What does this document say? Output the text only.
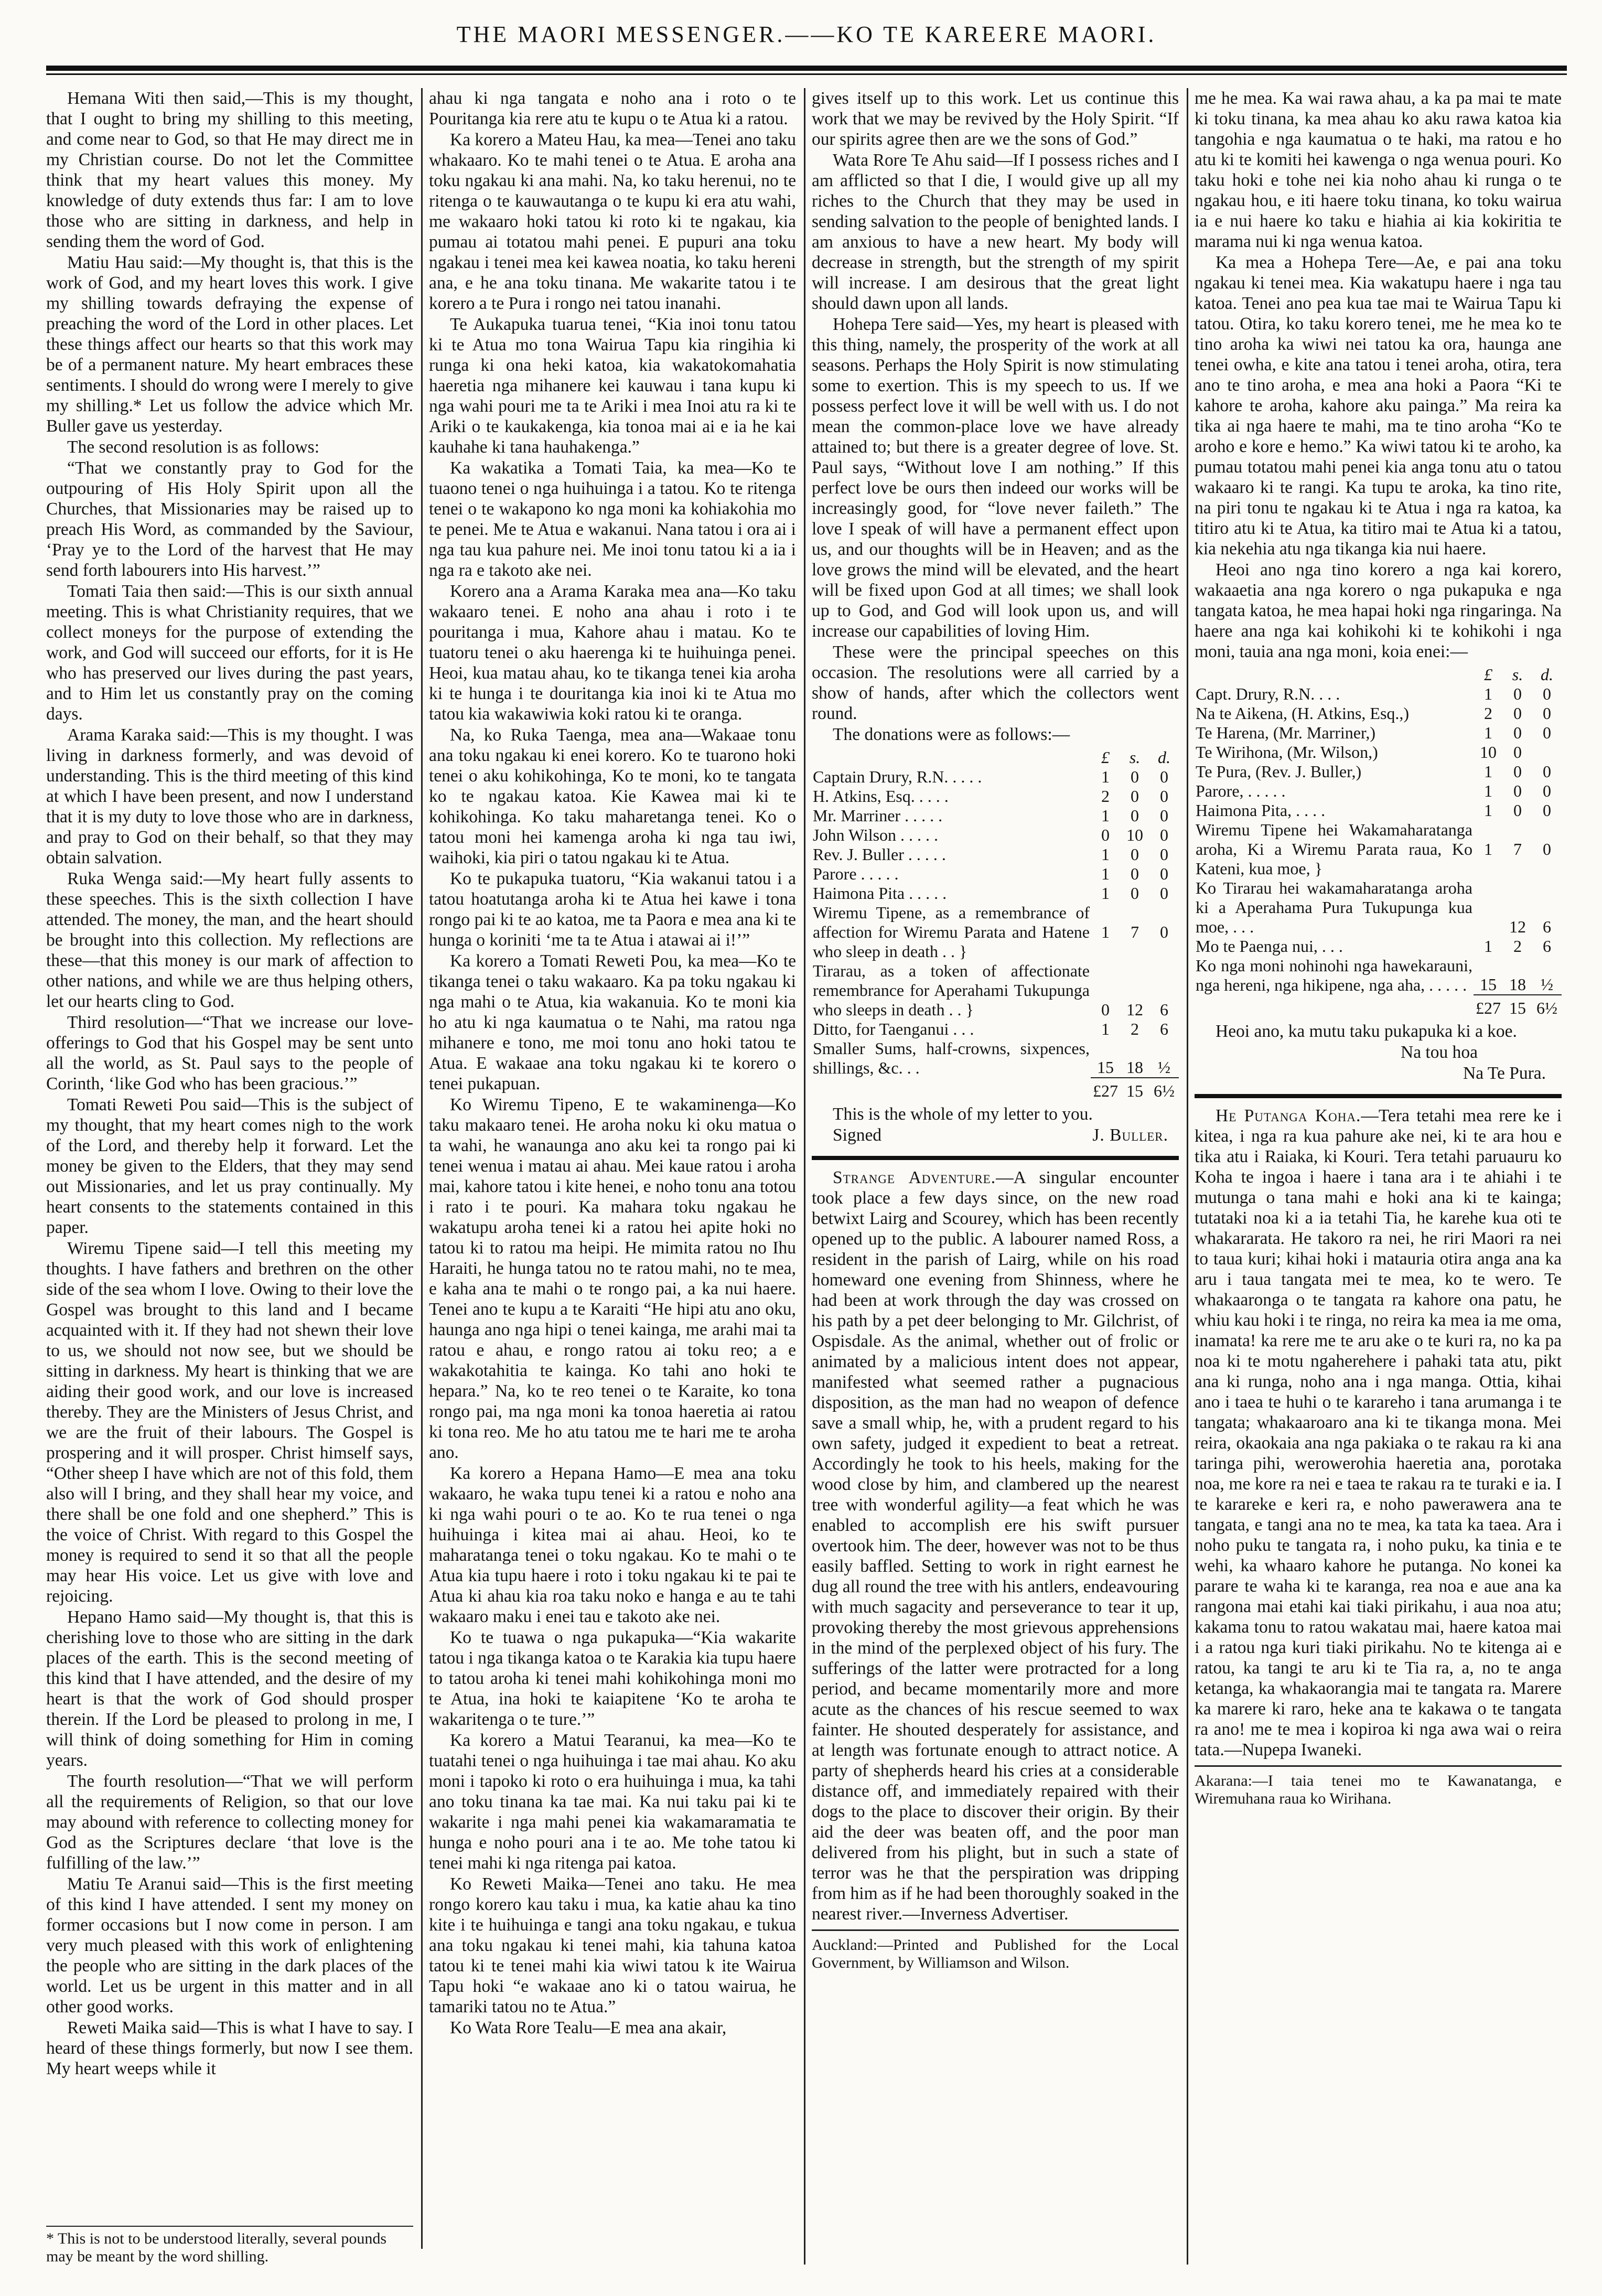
THE MAORI MESSENGER.——KO TE KAREERE MAORI.

Hemana Witi then said,—This is my thought, that I ought to bring my shilling to this meeting, and come near to God, so that He may direct me in my Christian course. Do not let the Committee think that my heart values this money. My knowledge of duty extends thus far: I am to love those who are sitting in darkness, and help in sending them the word of God.

Matiu Hau said:—My thought is, that this is the work of God, and my heart loves this work. I give my shilling towards defraying the expense of preaching the word of the Lord in other places. Let these things affect our hearts so that this work may be of a permanent nature. My heart embraces these sentiments. I should do wrong were I merely to give my shilling.* Let us follow the advice which Mr. Buller gave us yesterday.

The second resolution is as follows:

“That we constantly pray to God for the outpouring of His Holy Spirit upon all the Churches, that Missionaries may be raised up to preach His Word, as commanded by the Saviour, ‘Pray ye to the Lord of the harvest that He may send forth labourers into His harvest.’”

Tomati Taia then said:—This is our sixth annual meeting. This is what Christianity requires, that we collect moneys for the purpose of extending the work, and God will succeed our efforts, for it is He who has preserved our lives during the past years, and to Him let us constantly pray on the coming days.

Arama Karaka said:—This is my thought. I was living in darkness formerly, and was devoid of understanding. This is the third meeting of this kind at which I have been present, and now I understand that it is my duty to love those who are in darkness, and pray to God on their behalf, so that they may obtain salvation.

Ruka Wenga said:—My heart fully assents to these speeches. This is the sixth collection I have attended. The money, the man, and the heart should be brought into this collection. My reflections are these—that this money is our mark of affection to other nations, and while we are thus helping others, let our hearts cling to God.

Third resolution—“That we increase our love-offerings to God that his Gospel may be sent unto all the world, as St. Paul says to the people of Corinth, ‘like God who has been gracious.’”

Tomati Reweti Pou said—This is the subject of my thought, that my heart comes nigh to the work of the Lord, and thereby help it forward. Let the money be given to the Elders, that they may send out Missionaries, and let us pray continually. My heart consents to the statements contained in this paper.

Wiremu Tipene said—I tell this meeting my thoughts. I have fathers and brethren on the other side of the sea whom I love. Owing to their love the Gospel was brought to this land and I became acquainted with it. If they had not shewn their love to us, we should not now see, but we should be sitting in darkness. My heart is thinking that we are aiding their good work, and our love is increased thereby. They are the Ministers of Jesus Christ, and we are the fruit of their labours. The Gospel is prospering and it will prosper. Christ himself says, “Other sheep I have which are not of this fold, them also will I bring, and they shall hear my voice, and there shall be one fold and one shepherd.” This is the voice of Christ. With regard to this Gospel the money is required to send it so that all the people may hear His voice. Let us give with love and rejoicing.

Hepano Hamo said—My thought is, that this is cherishing love to those who are sitting in the dark places of the earth. This is the second meeting of this kind that I have attended, and the desire of my heart is that the work of God should prosper therein. If the Lord be pleased to prolong in me, I will think of doing something for Him in coming years.

The fourth resolution—“That we will perform all the requirements of Religion, so that our love may abound with reference to collecting money for God as the Scriptures declare ‘that love is the fulfilling of the law.’”

Matiu Te Aranui said—This is the first meeting of this kind I have attended. I sent my money on former occasions but I now come in person. I am very much pleased with this work of enlightening the people who are sitting in the dark places of the world. Let us be urgent in this matter and in all other good works.

Reweti Maika said—This is what I have to say. I heard of these things formerly, but now I see them. My heart weeps while it

* This is not to be understood literally, several pounds may be meant by the word shilling.

ahau ki nga tangata e noho ana i roto o te Pouritanga kia rere atu te kupu o te Atua ki a ratou.

Ka korero a Mateu Hau, ka mea—Tenei ano taku whakaaro. Ko te mahi tenei o te Atua. E aroha ana toku ngakau ki ana mahi. Na, ko taku herenui, no te ritenga o te kauwautanga o te kupu ki era atu wahi, me wakaaro hoki tatou ki roto ki te ngakau, kia pumau ai totatou mahi penei. E pupuri ana toku ngakau i tenei mea kei kawea noatia, ko taku hereni ana, e he ana toku tinana. Me wakarite tatou i te korero a te Pura i rongo nei tatou inanahi.

Te Aukapuka tuarua tenei, “Kia inoi tonu tatou ki te Atua mo tona Wairua Tapu kia ringihia ki runga ki ona heki katoa, kia wakatokomahatia haeretia nga mihanere kei kauwau i tana kupu ki nga wahi pouri me ta te Ariki i mea Inoi atu ra ki te Ariki o te kaukakenga, kia tonoa mai ai e ia he kai kauhahe ki tana hauhakenga.”

Ka wakatika a Tomati Taia, ka mea—Ko te tuaono tenei o nga huihuinga i a tatou. Ko te ritenga tenei o te wakapono ko nga moni ka kohiakohia mo te penei. Me te Atua e wakanui. Nana tatou i ora ai i nga tau kua pahure nei. Me inoi tonu tatou ki a ia i nga ra e takoto ake nei.

Korero ana a Arama Karaka mea ana—Ko taku wakaaro tenei. E noho ana ahau i roto i te pouritanga i mua, Kahore ahau i matau. Ko te tuatoru tenei o aku haerenga ki te huihuinga penei. Heoi, kua matau ahau, ko te tikanga tenei kia aroha ki te hunga i te douritanga kia inoi ki te Atua mo tatou kia wakawiwia koki ratou ki te oranga.

Na, ko Ruka Taenga, mea ana—Wakaae tonu ana toku ngakau ki enei korero. Ko te tuarono hoki tenei o aku kohikohinga, Ko te moni, ko te tangata ko te ngakau katoa. Kie Kawea mai ki te kohikohinga. Ko taku maharetanga tenei. Ko o tatou moni hei kamenga aroha ki nga tau iwi, waihoki, kia piri o tatou ngakau ki te Atua.

Ko te pukapuka tuatoru, “Kia wakanui tatou i a tatou hoatutanga aroha ki te Atua hei kawe i tona rongo pai ki te ao katoa, me ta Paora e mea ana ki te hunga o koriniti ‘me ta te Atua i atawai ai i!’”

Ka korero a Tomati Reweti Pou, ka mea—Ko te tikanga tenei o taku wakaaro. Ka pa toku ngakau ki nga mahi o te Atua, kia wakanuia. Ko te moni kia ho atu ki nga kaumatua o te Nahi, ma ratou nga mihanere e tono, me moi tonu ano hoki tatou te Atua. E wakaae ana toku ngakau ki te korero o tenei pukapuan.

Ko Wiremu Tipeno, E te wakaminenga—Ko taku makaaro tenei. He aroha noku ki oku matua o ta wahi, he wanaunga ano aku kei ta rongo pai ki tenei wenua i matau ai ahau. Mei kaue ratou i aroha mai, kahore tatou i kite henei, e noho tonu ana totou i rato i te pouri. Ka mahara toku ngakau he wakatupu aroha tenei ki a ratou hei apite hoki no tatou ki to ratou ma heipi. He mimita ratou no Ihu Haraiti, he hunga tatou no te ratou mahi, no te mea, e kaha ana te mahi o te rongo pai, a ka nui haere. Tenei ano te kupu a te Karaiti “He hipi atu ano oku, haunga ano nga hipi o tenei kainga, me arahi mai ta ratou e ahau, e rongo ratou ai toku reo; a e wakakotahitia te kainga. Ko tahi ano hoki te hepara.” Na, ko te reo tenei o te Karaite, ko tona rongo pai, ma nga moni ka tonoa haeretia ai ratou ki tona reo. Me ho atu tatou me te hari me te aroha ano.

Ka korero a Hepana Hamo—E mea ana toku wakaaro, he waka tupu tenei ki a ratou e noho ana ki nga wahi pouri o te ao. Ko te rua tenei o nga huihuinga i kitea mai ai ahau. Heoi, ko te maharatanga tenei o toku ngakau. Ko te mahi o te Atua kia tupu haere i roto i toku ngakau ki te pai te Atua ki ahau kia roa taku noko e hanga e au te tahi wakaaro maku i enei tau e takoto ake nei.

Ko te tuawa o nga pukapuka—“Kia wakarite tatou i nga tikanga katoa o te Karakia kia tupu haere to tatou aroha ki tenei mahi kohikohinga moni mo te Atua, ina hoki te kaiapitene ‘Ko te aroha te wakaritenga o te ture.’”

Ka korero a Matui Tearanui, ka mea—Ko te tuatahi tenei o nga huihuinga i tae mai ahau. Ko aku moni i tapoko ki roto o era huihuinga i mua, ka tahi ano toku tinana ka tae mai. Ka nui taku pai ki te wakarite i nga mahi penei kia wakamaramatia te hunga e noho pouri ana i te ao. Me tohe tatou ki tenei mahi ki nga ritenga pai katoa.

Ko Reweti Maika—Tenei ano taku. He mea rongo korero kau taku i mua, ka katie ahau ka tino kite i te huihuinga e tangi ana toku ngakau, e tukua ana toku ngakau ki tenei mahi, kia tahuna katoa tatou ki te tenei mahi kia wiwi tatou k ite Wairua Tapu hoki “e wakaae ano ki o tatou wairua, he tamariki tatou no te Atua.”

Ko Wata Rore Tealu—E mea ana akair,

gives itself up to this work. Let us continue this work that we may be revived by the Holy Spirit. “If our spirits agree then are we the sons of God.”

Wata Rore Te Ahu said—If I possess riches and I am afflicted so that I die, I would give up all my riches to the Church that they may be used in sending salvation to the people of benighted lands. I am anxious to have a new heart. My body will decrease in strength, but the strength of my spirit will increase. I am desirous that the great light should dawn upon all lands.

Hohepa Tere said—Yes, my heart is pleased with this thing, namely, the prosperity of the work at all seasons. Perhaps the Holy Spirit is now stimulating some to exertion. This is my speech to us. If we possess perfect love it will be well with us. I do not mean the common-place love we have already attained to; but there is a greater degree of love. St. Paul says, “Without love I am nothing.” If this perfect love be ours then indeed our works will be increasingly good, for “love never faileth.” The love I speak of will have a permanent effect upon us, and our thoughts will be in Heaven; and as the love grows the mind will be elevated, and the heart will be fixed upon God at all times; we shall look up to God, and God will look upon us, and will increase our capabilities of loving Him.

These were the principal speeches on this occasion. The resolutions were all carried by a show of hands, after which the collectors went round.

The donations were as follows:—

	£	s.	d.
Captain Drury, R.N. . . . .	1	0	0
H. Atkins, Esq. . . . .	2	0	0
Mr. Marriner . . . . .	1	0	0
John Wilson . . . . .	0	10	0
Rev. J. Buller . . . . .	1	0	0
Parore . . . . .	1	0	0
Haimona Pita . . . . .	1	0	0
Wiremu Tipene, as a remembrance of affection for Wiremu Parata and Hatene who sleep in death . . }	1	7	0
Tirarau, as a token of affectionate remembrance for Aperahami Tukupunga who sleeps in death . . }	0	12	6
Ditto, for Taenganui . . .	1	2	6
Smaller Sums, half-crowns, sixpences, shillings, &c. . .	15	18	½
	£27	15	6½

This is the whole of my letter to you.

Signed	J. Buller.

Strange Adventure.—A singular encounter took place a few days since, on the new road betwixt Lairg and Scourey, which has been recently opened up to the public. A labourer named Ross, a resident in the parish of Lairg, while on his road homeward one evening from Shinness, where he had been at work through the day was crossed on his path by a pet deer belonging to Mr. Gilchrist, of Ospisdale. As the animal, whether out of frolic or animated by a malicious intent does not appear, manifested what seemed rather a pugnacious disposition, as the man had no weapon of defence save a small whip, he, with a prudent regard to his own safety, judged it expedient to beat a retreat. Accordingly he took to his heels, making for the wood close by him, and clambered up the nearest tree with wonderful agility—a feat which he was enabled to accomplish ere his swift pursuer overtook him. The deer, however was not to be thus easily baffled. Setting to work in right earnest he dug all round the tree with his antlers, endeavouring with much sagacity and perseverance to tear it up, provoking thereby the most grievous apprehensions in the mind of the perplexed object of his fury. The sufferings of the latter were protracted for a long period, and became momentarily more and more acute as the chances of his rescue seemed to wax fainter. He shouted desperately for assistance, and at length was fortunate enough to attract notice. A party of shepherds heard his cries at a considerable distance off, and immediately repaired with their dogs to the place to discover their origin. By their aid the deer was beaten off, and the poor man delivered from his plight, but in such a state of terror was he that the perspiration was dripping from him as if he had been thoroughly soaked in the nearest river.—Inverness Advertiser.

Auckland:—Printed and Published for the Local Government, by Williamson and Wilson.

me he mea. Ka wai rawa ahau, a ka pa mai te mate ki toku tinana, ka mea ahau ko aku rawa katoa kia tangohia e nga kaumatua o te haki, ma ratou e ho atu ki te komiti hei kawenga o nga wenua pouri. Ko taku hoki e tohe nei kia noho ahau ki runga o te ngakau hou, e iti haere toku tinana, ko toku wairua ia e nui haere ko taku e hiahia ai kia kokiritia te marama nui ki nga wenua katoa.

Ka mea a Hohepa Tere—Ae, e pai ana toku ngakau ki tenei mea. Kia wakatupu haere i nga tau katoa. Tenei ano pea kua tae mai te Wairua Tapu ki tatou. Otira, ko taku korero tenei, me he mea ko te tino aroha ka wiwi nei tatou ka ora, haunga ane tenei owha, e kite ana tatou i tenei aroha, otira, tera ano te tino aroha, e mea ana hoki a Paora “Ki te kahore te aroha, kahore aku painga.” Ma reira ka tika ai nga haere te mahi, ma te tino aroha “Ko te aroho e kore e hemo.” Ka wiwi tatou ki te aroho, ka pumau totatou mahi penei kia anga tonu atu o tatou wakaaro ki te rangi. Ka tupu te aroka, ka tino rite, na piri tonu te ngakau ki te Atua i nga ra katoa, ka titiro atu ki te Atua, ka titiro mai te Atua ki a tatou, kia nekehia atu nga tikanga kia nui haere.

Heoi ano nga tino korero a nga kai korero, wakaaetia ana nga korero o nga pukapuka e nga tangata katoa, he mea hapai hoki nga ringaringa. Na haere ana nga kai kohikohi ki te kohikohi i nga moni, tauia ana nga moni, koia enei:—

	£	s.	d.
Capt. Drury, R.N. . . .	1	0	0
Na te Aikena, (H. Atkins, Esq.,)	2	0	0
Te Harena, (Mr. Marriner,)	1	0	0
Te Wirihona, (Mr. Wilson,)	10	0	
Te Pura, (Rev. J. Buller,)	1	0	0
Parore, . . . . .	1	0	0
Haimona Pita, . . . .	1	0	0
Wiremu Tipene hei Wakamaharatanga aroha, Ki a Wiremu Parata raua, Ko Kateni, kua moe, }	1	7	0
Ko Tirarau hei wakamaharatanga aroha ki a Aperahama Pura Tukupunga kua moe, . . .		12	6
Mo te Paenga nui, . . .	1	2	6
Ko nga moni nohinohi nga hawekarauni, nga hereni, nga hikipene, nga aha, . . . . .	15	18	½
	£27	15	6½

Heoi ano, ka mutu taku pukapuka ki a koe.

Na tou hoa

Na Te Pura.

He Putanga Koha.—Tera tetahi mea rere ke i kitea, i nga ra kua pahure ake nei, ki te ara hou e tika atu i Raiaka, ki Kouri. Tera tetahi paruauru ko Koha te ingoa i haere i tana ara i te ahiahi i te mutunga o tana mahi e hoki ana ki te kainga; tutataki noa ki a ia tetahi Tia, he karehe kua oti te whakararata. He takoro ra nei, he riri Maori ra nei to taua kuri; kihai hoki i matauria otira anga ana ka aru i taua tangata mei te mea, ko te wero. Te whakaaronga o te tangata ra kahore ona patu, he whiu kau hoki i te ringa, no reira ka mea ia me oma, inamata! ka rere me te aru ake o te kuri ra, no ka pa noa ki te motu ngaherehere i pahaki tata atu, pikt ana ki runga, noho ana i nga manga. Ottia, kihai ano i taea te huhi o te karareho i tana arumanga i te tangata; whakaaroaro ana ki te tikanga mona. Mei reira, okaokaia ana nga pakiaka o te rakau ra ki ana taringa pihi, werowerohia haeretia ana, porotaka noa, me kore ra nei e taea te rakau ra te turaki e ia. I te karareke e keri ra, e noho pawerawera ana te tangata, e tangi ana no te mea, ka tata ka taea. Ara i noho puku te tangata ra, i noho puku, ka tinia e te wehi, ka whaaro kahore he putanga. No konei ka parare te waha ki te karanga, rea noa e aue ana ka rangona mai etahi kai tiaki pirikahu, i aua noa atu; kakama tonu to ratou wakatau mai, haere katoa mai i a ratou nga kuri tiaki pirikahu. No te kitenga ai e ratou, ka tangi te aru ki te Tia ra, a, no te anga ketanga, ka whakaorangia mai te tangata ra. Marere ka marere ki raro, heke ana te kakawa o te tangata ra ano! me te mea i kopiroa ki nga awa wai o reira tata.—Nupepa Iwaneki.

Akarana:—I taia tenei mo te Kawanatanga, e Wiremuhana raua ko Wirihana.
